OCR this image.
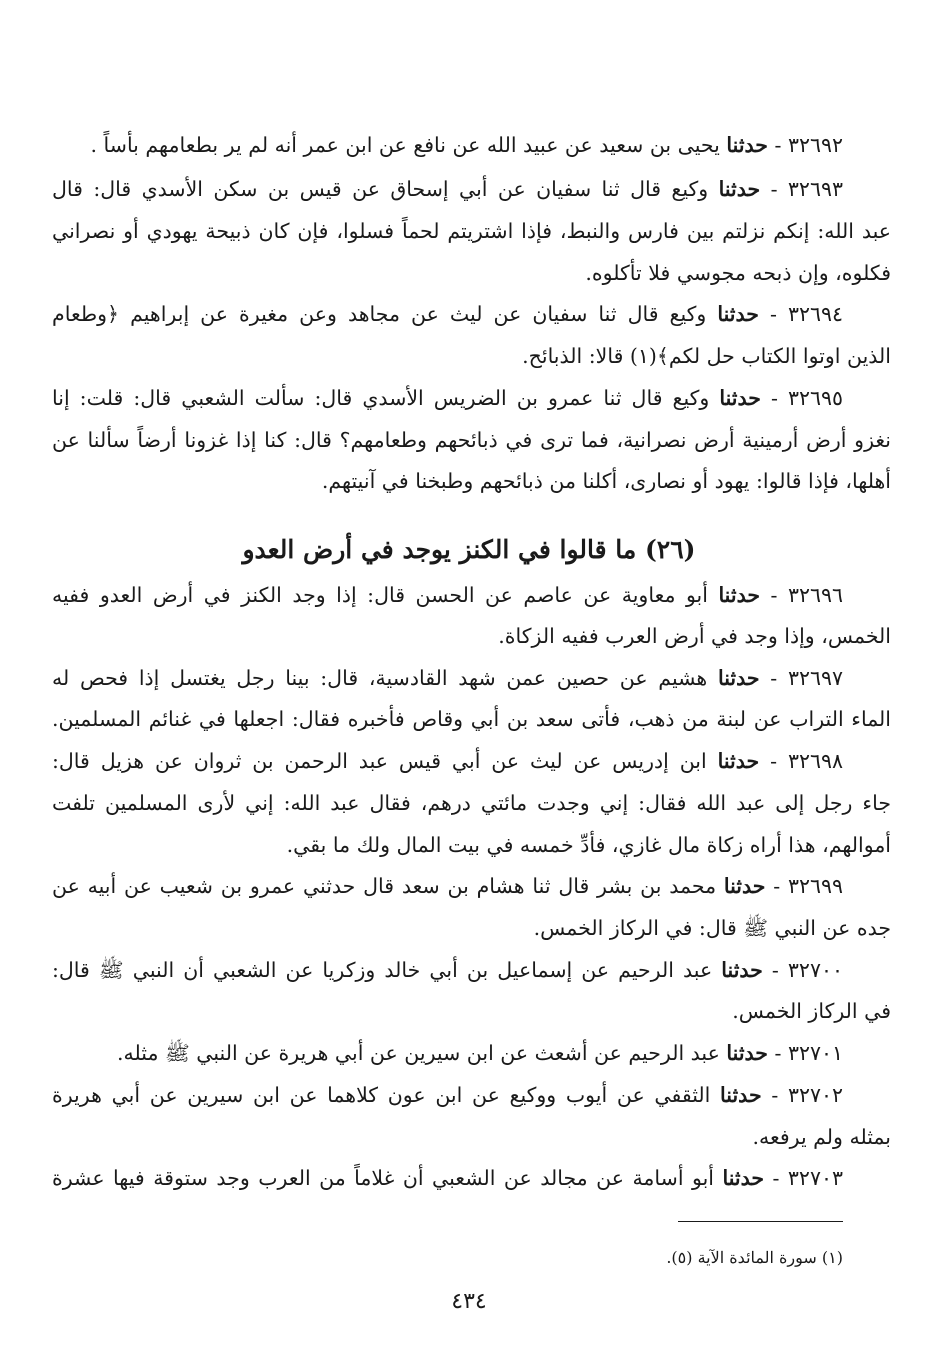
٣٢٦٩٢ - حدثنا يحيى بن سعيد عن عبيد الله عن نافع عن ابن عمر أنه لم ير بطعامهم بأساً .
٣٢٦٩٣ - حدثنا وكيع قال ثنا سفيان عن أبي إسحاق عن قيس بن سكن الأسدي قال: قال
عبد الله: إنكم نزلتم بين فارس والنبط، فإذا اشتريتم لحماً فسلوا، فإن كان ذبيحة يهودي أو نصراني
فكلوه، وإن ذبحه مجوسي فلا تأكلوه.
٣٢٦٩٤ - حدثنا وكيع قال ثنا سفيان عن ليث عن مجاهد وعن مغيرة عن إبراهيم ﴿وطعام
الذين اوتوا الكتاب حل لكم﴾(١) قالا: الذبائح.
٣٢٦٩٥ - حدثنا وكيع قال ثنا عمرو بن الضريس الأسدي قال: سألت الشعبي قال: قلت: إنا
نغزو أرض أرمينية أرض نصرانية، فما ترى في ذبائحهم وطعامهم؟ قال: كنا إذا غزونا أرضاً سألنا عن
أهلها، فإذا قالوا: يهود أو نصارى، أكلنا من ذبائحهم وطبخنا في آنيتهم.
(٢٦) ما قالوا في الكنز يوجد في أرض العدو
٣٢٦٩٦ - حدثنا أبو معاوية عن عاصم عن الحسن قال: إذا وجد الكنز في أرض العدو ففيه
الخمس، وإذا وجد في أرض العرب ففيه الزكاة.
٣٢٦٩٧ - حدثنا هشيم عن حصين عمن شهد القادسية، قال: بينا رجل يغتسل إذا فحص له
الماء التراب عن لبنة من ذهب، فأتى سعد بن أبي وقاص فأخبره فقال: اجعلها في غنائم المسلمين.
٣٢٦٩٨ - حدثنا ابن إدريس عن ليث عن أبي قيس عبد الرحمن بن ثروان عن هزيل قال:
جاء رجل إلى عبد الله فقال: إني وجدت مائتي درهم، فقال عبد الله: إني لأرى المسلمين تلفت
أموالهم، هذا أراه زكاة مال غازي، فأدِّ خمسه في بيت المال ولك ما بقي.
٣٢٦٩٩ - حدثنا محمد بن بشر قال ثنا هشام بن سعد قال حدثني عمرو بن شعيب عن أبيه عن
جده عن النبي ﷺ قال: في الركاز الخمس.
٣٢٧٠٠ - حدثنا عبد الرحيم عن إسماعيل بن أبي خالد وزكريا عن الشعبي أن النبي ﷺ قال:
في الركاز الخمس.
٣٢٧٠١ - حدثنا عبد الرحيم عن أشعث عن ابن سيرين عن أبي هريرة عن النبي ﷺ مثله.
٣٢٧٠٢ - حدثنا الثقفي عن أيوب ووكيع عن ابن عون كلاهما عن ابن سيرين عن أبي هريرة
بمثله ولم يرفعه.
٣٢٧٠٣ - حدثنا أبو أسامة عن مجالد عن الشعبي أن غلاماً من العرب وجد ستوقة فيها عشرة
(١) سورة المائدة الآية (٥).
٤٣٤
